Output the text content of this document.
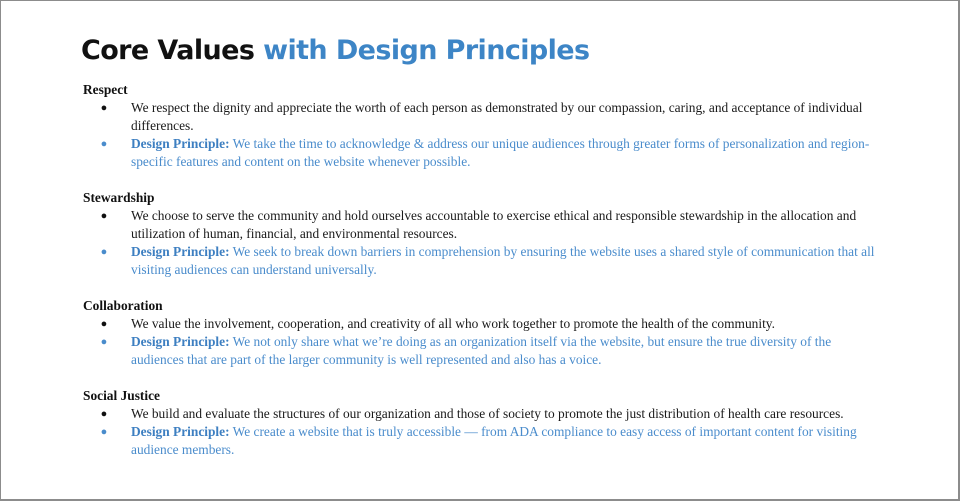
Core Values with Design Principles
Respect
● We respect the dignity and appreciate the worth of each person as demonstrated by our compassion, caring, and acceptance of individual differences.
● Design Principle: We take the time to acknowledge & address our unique audiences through greater forms of personalization and region-specific features and content on the website whenever possible.
Stewardship
● We choose to serve the community and hold ourselves accountable to exercise ethical and responsible stewardship in the allocation and utilization of human, financial, and environmental resources.
● Design Principle: We seek to break down barriers in comprehension by ensuring the website uses a shared style of communication that all visiting audiences can understand universally.
Collaboration
● We value the involvement, cooperation, and creativity of all who work together to promote the health of the community.
● Design Principle: We not only share what we’re doing as an organization itself via the website, but ensure the true diversity of the audiences that are part of the larger community is well represented and also has a voice.
Social Justice
● We build and evaluate the structures of our organization and those of society to promote the just distribution of health care resources.
● Design Principle: We create a website that is truly accessible — from ADA compliance to easy access of important content for visiting audience members.
